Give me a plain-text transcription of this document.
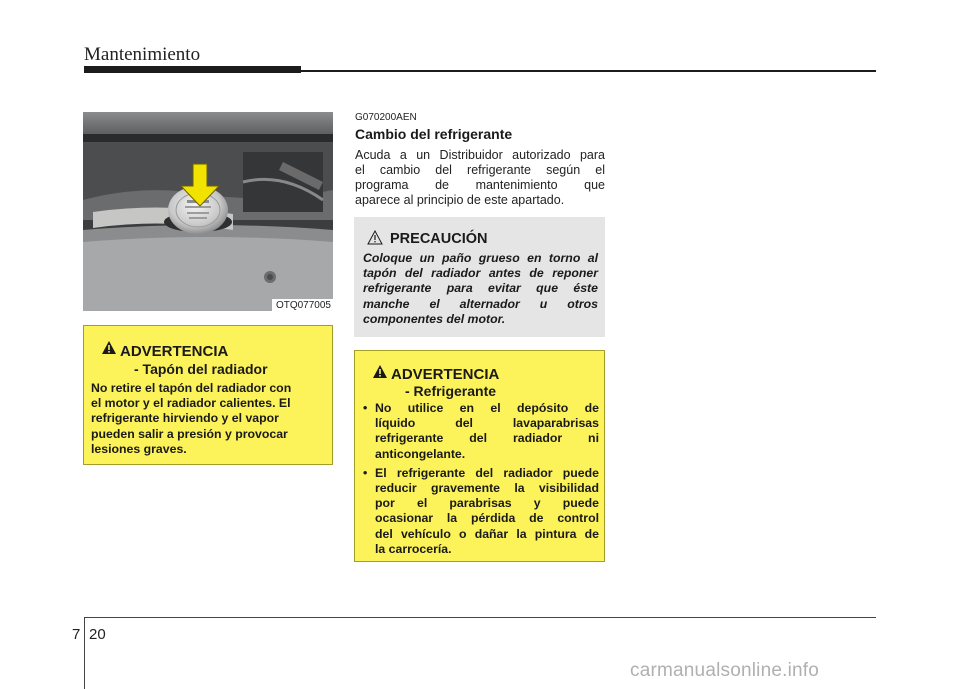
Mantenimiento
OTQ077005
ADVERTENCIA
- Tapón del radiador
No retire el tapón del radiador con
el motor y el radiador calientes. El
refrigerante hirviendo y el vapor
pueden salir a presión y provocar
lesiones graves.
G070200AEN
Cambio del refrigerante
Acuda a un Distribuidor autorizado para
el cambio del refrigerante según el
programa de mantenimiento que
aparece al principio de este apartado.
PRECAUCIÓN
Coloque un paño grueso en torno al
tapón del radiador antes de reponer
refrigerante para evitar que éste
manche el alternador u otros
componentes del motor.
ADVERTENCIA
- Refrigerante
• No utilice en el depósito de
líquido del lavaparabrisas
refrigerante del radiador ni
anticongelante.
• El refrigerante del radiador puede
reducir gravemente la visibilidad
por el parabrisas y puede
ocasionar la pérdida de control
del vehículo o dañar la pintura de
la carrocería.
7 20
carmanualsonline.info
